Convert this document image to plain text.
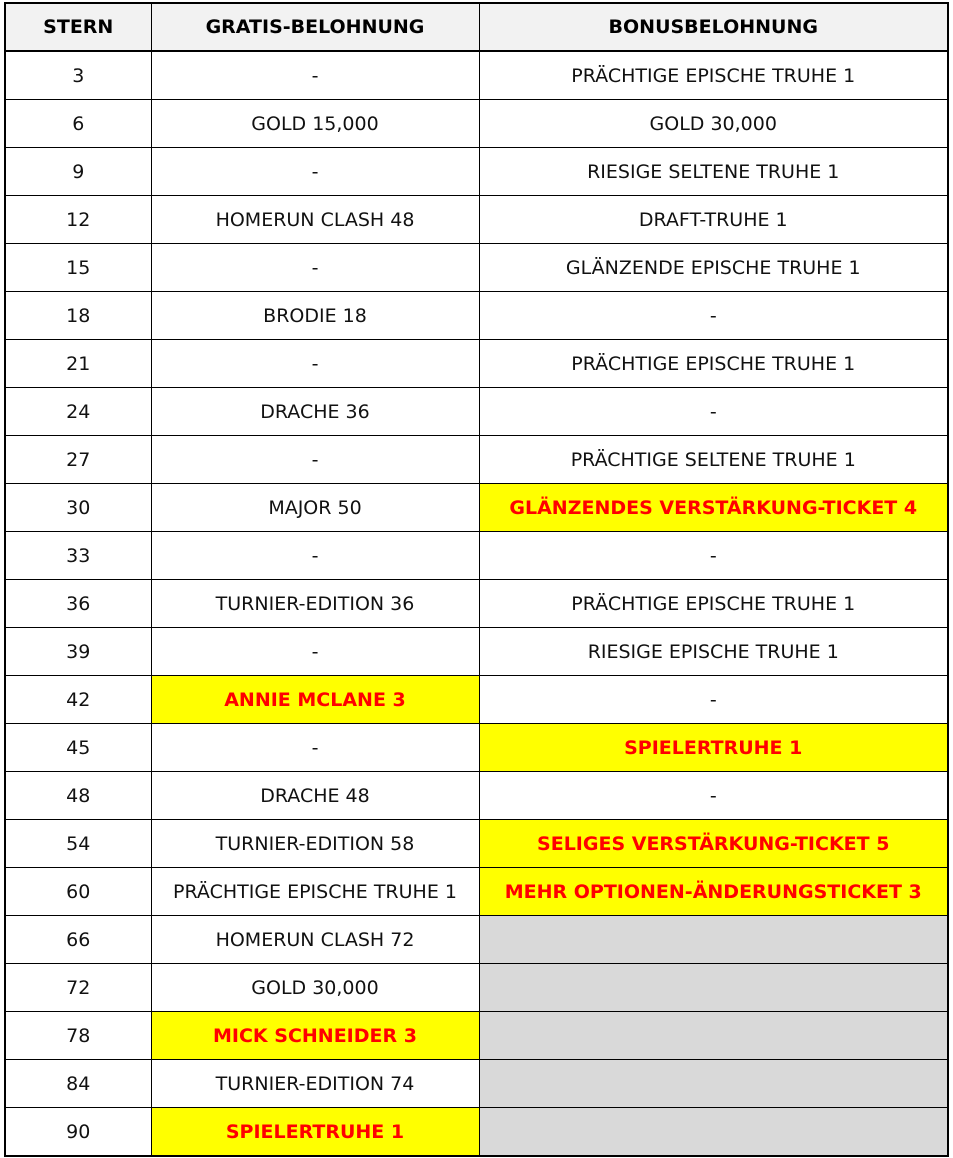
STERN	GRATIS-BELOHNUNG	BONUSBELOHNUNG
3	-	PRÄCHTIGE EPISCHE TRUHE 1
6	GOLD 15,000	GOLD 30,000
9	-	RIESIGE SELTENE TRUHE 1
12	HOMERUN CLASH 48	DRAFT-TRUHE 1
15	-	GLÄNZENDE EPISCHE TRUHE 1
18	BRODIE 18	-
21	-	PRÄCHTIGE EPISCHE TRUHE 1
24	DRACHE 36	-
27	-	PRÄCHTIGE SELTENE TRUHE 1
30	MAJOR 50	GLÄNZENDES VERSTÄRKUNG-TICKET 4
33	-	-
36	TURNIER-EDITION 36	PRÄCHTIGE EPISCHE TRUHE 1
39	-	RIESIGE EPISCHE TRUHE 1
42	ANNIE MCLANE 3	-
45	-	SPIELERTRUHE 1
48	DRACHE 48	-
54	TURNIER-EDITION 58	SELIGES VERSTÄRKUNG-TICKET 5
60	PRÄCHTIGE EPISCHE TRUHE 1	MEHR OPTIONEN-ÄNDERUNGSTICKET 3
66	HOMERUN CLASH 72	
72	GOLD 30,000	
78	MICK SCHNEIDER 3	
84	TURNIER-EDITION 74	
90	SPIELERTRUHE 1	
